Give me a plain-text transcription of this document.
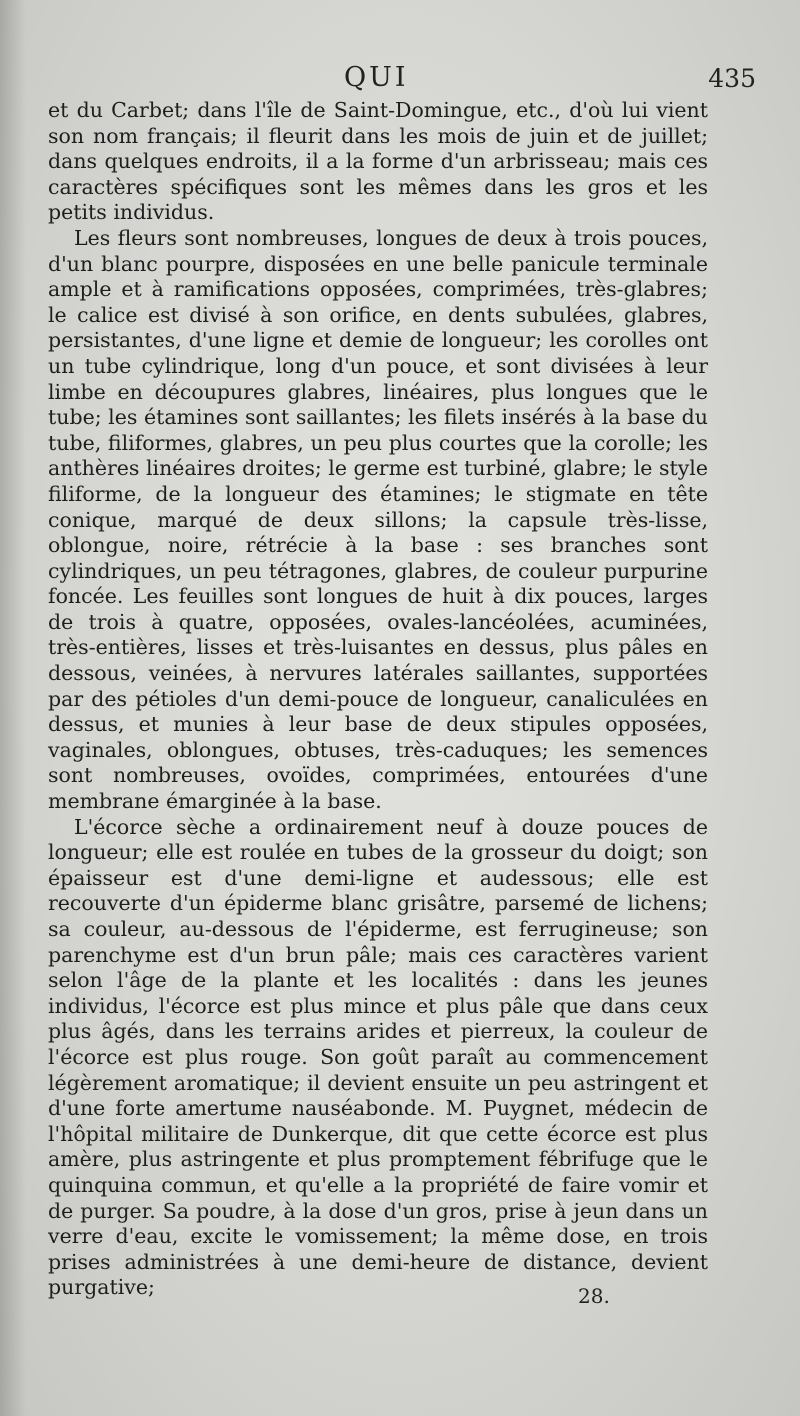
QUI	435

et du Carbet; dans l'île de Saint-Domingue, etc., d'où lui vient son nom français; il fleurit dans les mois de juin et de juillet; dans quelques endroits, il a la forme d'un arbrisseau; mais ces caractères spécifiques sont les mêmes dans les gros et les petits individus.

Les fleurs sont nombreuses, longues de deux à trois pouces, d'un blanc pourpre, disposées en une belle panicule terminale ample et à ramifications opposées, comprimées, très-glabres; le calice est divisé à son orifice, en dents subulées, glabres, persistantes, d'une ligne et demie de longueur; les corolles ont un tube cylindrique, long d'un pouce, et sont divisées à leur limbe en découpures glabres, linéaires, plus longues que le tube; les étamines sont saillantes; les filets insérés à la base du tube, filiformes, glabres, un peu plus courtes que la corolle; les anthères linéaires droites; le germe est turbiné, glabre; le style filiforme, de la longueur des étamines; le stigmate en tête conique, marqué de deux sillons; la capsule très-lisse, oblongue, noire, rétrécie à la base : ses branches sont cylindriques, un peu tétragones, glabres, de couleur purpurine foncée. Les feuilles sont longues de huit à dix pouces, larges de trois à quatre, opposées, ovales-lancéolées, acuminées, très-entières, lisses et très-luisantes en dessus, plus pâles en dessous, veinées, à nervures latérales saillantes, supportées par des pétioles d'un demi-pouce de longueur, canaliculées en dessus, et munies à leur base de deux stipules opposées, vaginales, oblongues, obtuses, très-caduques; les semences sont nombreuses, ovoïdes, comprimées, entourées d'une membrane émarginée à la base.

L'écorce sèche a ordinairement neuf à douze pouces de longueur; elle est roulée en tubes de la grosseur du doigt; son épaisseur est d'une demi-ligne et audessous; elle est recouverte d'un épiderme blanc grisâtre, parsemé de lichens; sa couleur, au-dessous de l'épiderme, est ferrugineuse; son parenchyme est d'un brun pâle; mais ces caractères varient selon l'âge de la plante et les localités : dans les jeunes individus, l'écorce est plus mince et plus pâle que dans ceux plus âgés, dans les terrains arides et pierreux, la couleur de l'écorce est plus rouge. Son goût paraît au commencement légèrement aromatique; il devient ensuite un peu astringent et d'une forte amertume nauséabonde. M. Puygnet, médecin de l'hôpital militaire de Dunkerque, dit que cette écorce est plus amère, plus astringente et plus promptement fébrifuge que le quinquina commun, et qu'elle a la propriété de faire vomir et de purger. Sa poudre, à la dose d'un gros, prise à jeun dans un verre d'eau, excite le vomissement; la même dose, en trois prises administrées à une demi-heure de distance, devient purgative;	28.
